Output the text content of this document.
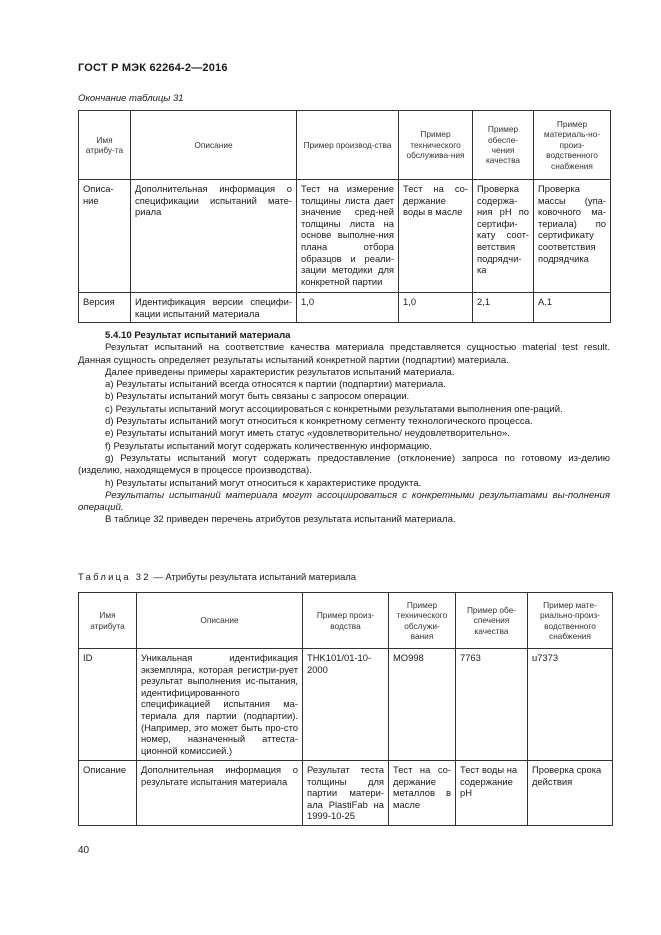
ГОСТ Р МЭК 62264-2—2016
Окончание таблицы 31
Имя атрибу-та	Описание	Пример производ-ства	Пример технического обслужива-ния	Пример обеспе-чения качества	Пример материаль-но-произ-водственного снабжения
Описа-ние	Дополнительная информация о спецификации испытаний мате-риала	Тест на измерение толщины листа дает значение сред-ней толщины листа на основе выполне-ния плана отбора образцов и реали-зации методики для конкретной партии	Тест на со-держание воды в масле	Проверка содержа-ния pH по сертифи-кату соот-ветствия подрядчи-ка	Проверка массы (упа-ковочного ма-териала) по сертификату соответствия подрядчика
Версия	Идентификация версии специфи-кации испытаний материала	1,0	1,0	2,1	А.1

5.4.10 Результат испытаний материала

Результат испытаний на соответствие качества материала представляется сущностью material test result. Данная сущность определяет результаты испытаний конкретной партии (подпартии) материала.

Далее приведены примеры характеристик результатов испытаний материала.

a) Результаты испытаний всегда относятся к партии (подпартии) материала.

b) Результаты испытаний могут быть связаны с запросом операции.

c) Результаты испытаний могут ассоциироваться с конкретными результатами выполнения опе-раций.

d) Результаты испытаний могут относиться к конкретному сегменту технологического процесса.

e) Результаты испытаний могут иметь статус «удовлетворительно/ неудовлетворительно».

f) Результаты испытаний могут содержать количественную информацию.

g) Результаты испытаний могут содержать предоставление (отклонение) запроса по готовому из-делию (изделию, находящемуся в процессе производства).

h) Результаты испытаний могут относиться к характеристике продукта.

Результаты испытаний материала могут ассоциироваться с конкретными результатами вы-полнения операций.

В таблице 32 приведен перечень атрибутов результата испытаний материала.

Таблица 32 — Атрибуты результата испытаний материала
Имя атрибута	Описание	Пример произ-водства	Пример технического обслужи-вания	Пример обе-спечения качества	Пример мате-риально-произ-водственного снабжения
ID	Уникальная идентификация экземпляра, которая регистри-рует результат выполнения ис-пытания, идентифицированного спецификацией испытания ма-териала для партии (подпартии). (Например, это может быть про-сто номер, назначенный аттеста-ционной комиссией.)	THK101/01-10-2000	MO998	7763	u7373
Описание	Дополнительная информация о результате испытания материала	Результат теста толщины для партии матери-ала PlastiFab на 1999-10-25	Тест на со-держание металлов в масле	Тест воды на содержание pH	Проверка срока действия
40
